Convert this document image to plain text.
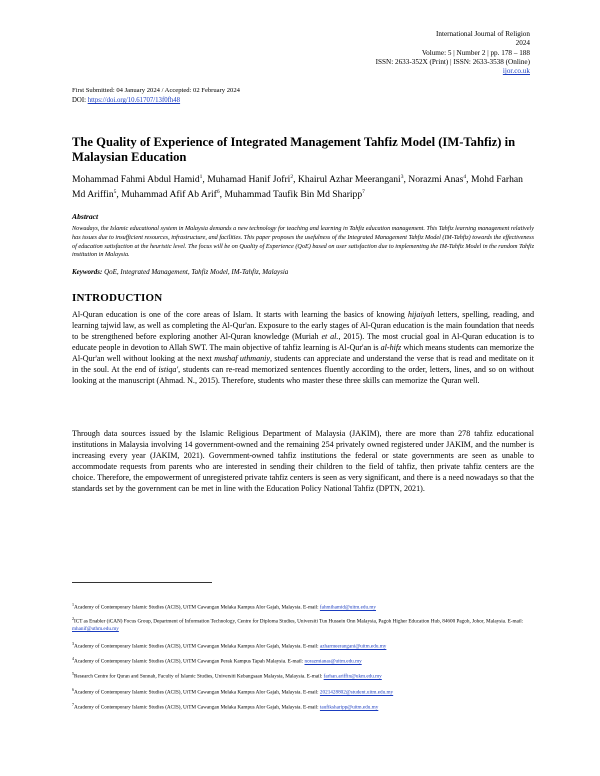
International Journal of Religion
2024
Volume: 5 | Number 2 | pp. 178 – 188
ISSN: 2633-352X (Print) | ISSN: 2633-3538 (Online)
ijor.co.uk
First Submitted: 04 January 2024 / Accepted: 02 February 2024
DOI: https://doi.org/10.61707/13f0fh48
The Quality of Experience of Integrated Management Tahfiz Model (IM-Tahfiz) in Malaysian Education
Mohammad Fahmi Abdul Hamid$^1$, Muhamad Hanif Jofri$^2$, Khairul Azhar Meerangani$^3$, Norazmi Anas$^4$, Mohd Farhan Md Ariffin$^5$, Muhammad Afif Ab Arif$^6$, Muhammad Taufik Bin Md Sharipp$^7$
Abstract
Nowadays, the Islamic educational system in Malaysia demands a new technology for teaching and learning in Tahfiz education management. This Tahfiz learning management relatively has issues due to insufficient resources, infrastructure, and facilities. This paper proposes the usefulness of the Integrated Management Tahfiz Model (IM-Tahfiz) towards the effectiveness of education satisfaction at the heuristic level. The focus will be on Quality of Experience (QoE) based on user satisfaction due to implementing the IM-Tahfiz Model in the random Tahfiz institution in Malaysia.
Keywords: QoE, Integrated Management, Tahfiz Model, IM-Tahfiz, Malaysia
INTRODUCTION
Al-Quran education is one of the core areas of Islam. It starts with learning the basics of knowing hijaiyah letters, spelling, reading, and learning tajwid law, as well as completing the Al-Qur'an. Exposure to the early stages of Al-Quran education is the main foundation that needs to be strengthened before exploring another Al-Quran knowledge (Muriah et al., 2015). The most crucial goal in Al-Quran education is to educate people in devotion to Allah SWT. The main objective of tahfiz learning is Al-Qur'an is al-hifz which means students can memorize the Al-Qur'an well without looking at the next mushaf uthmaniy, students can appreciate and understand the verse that is read and meditate on it in the soul. At the end of istiqa', students can re-read memorized sentences fluently according to the order, letters, lines, and so on without looking at the manuscript (Ahmad. N., 2015). Therefore, students who master these three skills can memorize the Quran well.
Through data sources issued by the Islamic Religious Department of Malaysia (JAKIM), there are more than 278 tahfiz educational institutions in Malaysia involving 14 government-owned and the remaining 254 privately owned registered under JAKIM, and the number is increasing every year (JAKIM, 2021). Government-owned tahfiz institutions the federal or state governments are seen as unable to accommodate requests from parents who are interested in sending their children to the field of tahfiz, then private tahfiz centers are the choice. Therefore, the empowerment of unregistered private tahfiz centers is seen as very significant, and there is a need nowadays so that the standards set by the government can be met in line with the Education Policy National Tahfiz (DPTN, 2021).
$^1$Academy of Contemporary Islamic Studies (ACIS), UiTM Cawangan Melaka Kampus Alor Gajah, Malaysia. E-mail: fahmihamid@uitm.edu.my
$^2$ICT as Enabler (iCAN) Focus Group, Department of Information Technology, Centre for Diploma Studies, Universiti Tun Hussein Onn Malaysia, Pagoh Higher Education Hub, 84600 Pagoh, Johor, Malaysia. E-mail: mhanif@uthm.edu.my
$^3$Academy of Contemporary Islamic Studies (ACIS), UiTM Cawangan Melaka Kampus Alor Gajah, Malaysia. E-mail: azharmeerangani@uitm.edu.my
$^4$Academy of Contemporary Islamic Studies (ACIS), UiTM Cawangan Perak Kampus Tapah Malaysia. E-mail: norazmianas@uitm.edu.my
$^5$Research Centre for Quran and Sunnah, Faculty of Islamic Studies, Universiti Kebangsaan Malaysia, Malaysia. E-mail: farhan.ariffin@ukm.edu.my
$^6$Academy of Contemporary Islamic Studies (ACIS), UiTM Cawangan Melaka Kampus Alor Gajah, Malaysia. E-mail: 2021428802@student.uitm.edu.my
$^7$Academy of Contemporary Islamic Studies (ACIS), UiTM Cawangan Melaka Kampus Alor Gajah, Malaysia. E-mail: taufiksharipp@uitm.edu.my
